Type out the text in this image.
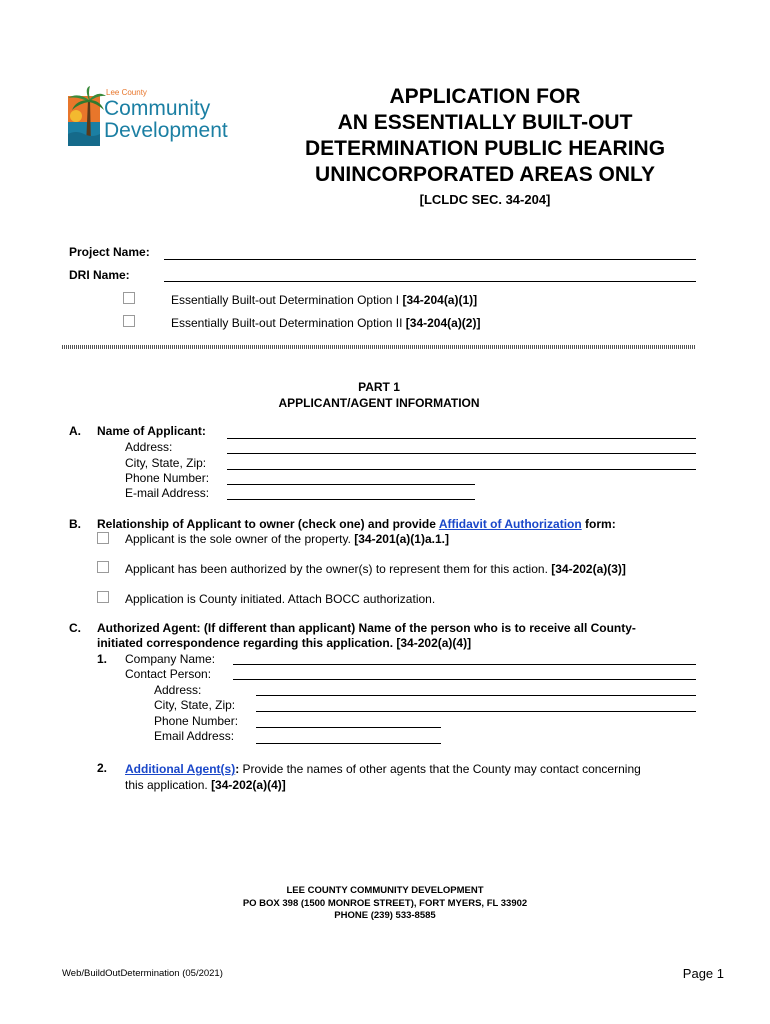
Lee County
Community
Development
APPLICATION FOR
AN ESSENTIALLY BUILT-OUT
DETERMINATION PUBLIC HEARING
UNINCORPORATED AREAS ONLY
[LCLDC SEC. 34-204]
Project Name:
DRI Name:
Essentially Built-out Determination Option I [34-204(a)(1)]
Essentially Built-out Determination Option II [34-204(a)(2)]
PART 1
APPLICANT/AGENT INFORMATION
A. Name of Applicant:
Address:
City, State, Zip:
Phone Number:
E-mail Address:
B. Relationship of Applicant to owner (check one) and provide Affidavit of Authorization form:
Applicant is the sole owner of the property. [34-201(a)(1)a.1.]
Applicant has been authorized by the owner(s) to represent them for this action. [34-202(a)(3)]
Application is County initiated. Attach BOCC authorization.
C. Authorized Agent: (If different than applicant) Name of the person who is to receive all County-
initiated correspondence regarding this application. [34-202(a)(4)]
1. Company Name:
Contact Person:
Address:
City, State, Zip:
Phone Number:
Email Address:
2. Additional Agent(s): Provide the names of other agents that the County may contact concerning
this application. [34-202(a)(4)]
LEE COUNTY COMMUNITY DEVELOPMENT
PO BOX 398 (1500 MONROE STREET), FORT MYERS, FL 33902
PHONE (239) 533-8585
Web/BuildOutDetermination (05/2021)	Page 1
